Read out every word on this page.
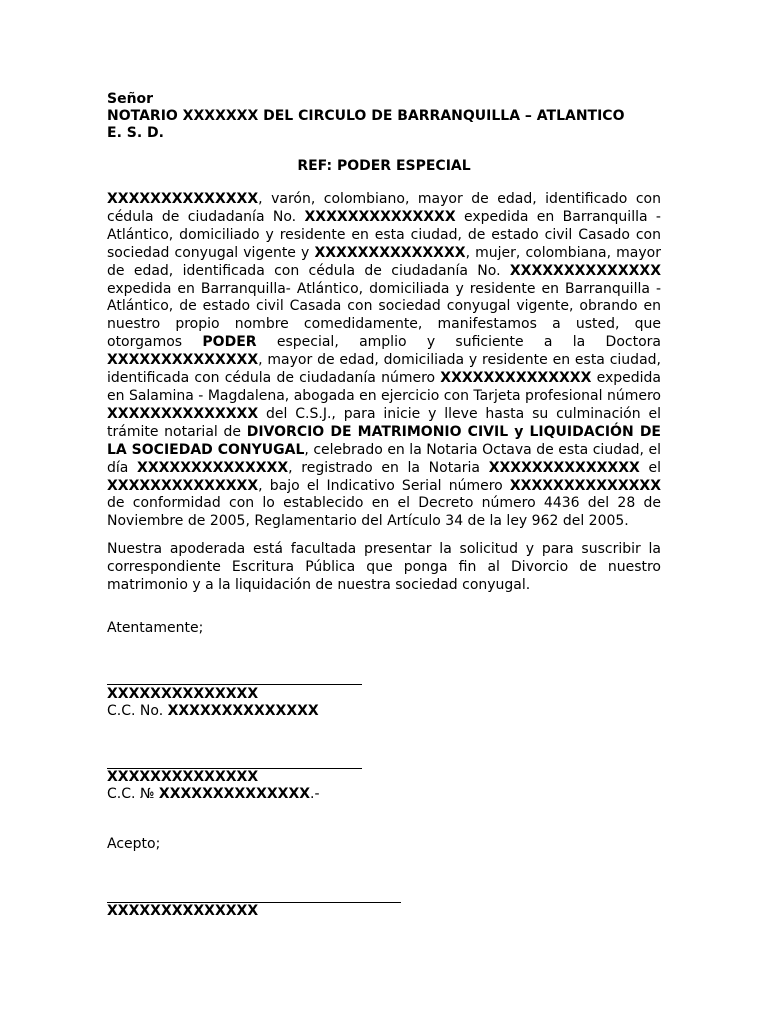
Señor

NOTARIO XXXXXXX DEL CIRCULO DE BARRANQUILLA – ATLANTICO

E. S. D.

REF: PODER ESPECIAL

XXXXXXXXXXXXXX, varón, colombiano, mayor de edad, identificado con cédula de ciudadanía No. XXXXXXXXXXXXXX expedida en Barranquilla - Atlántico, domiciliado y residente en esta ciudad, de estado civil Casado con sociedad conyugal vigente y XXXXXXXXXXXXXX, mujer, colombiana, mayor de edad, identificada con cédula de ciudadanía No. XXXXXXXXXXXXXX expedida en Barranquilla- Atlántico, domiciliada y residente en Barranquilla - Atlántico, de estado civil Casada con sociedad conyugal vigente, obrando en nuestro propio nombre comedidamente, manifestamos a usted, que otorgamos PODER especial, amplio y suficiente a la Doctora XXXXXXXXXXXXXX, mayor de edad, domiciliada y residente en esta ciudad, identificada con cédula de ciudadanía número XXXXXXXXXXXXXX expedida en Salamina - Magdalena, abogada en ejercicio con Tarjeta profesional número XXXXXXXXXXXXXX del C.S.J., para inicie y lleve hasta su culminación el trámite notarial de DIVORCIO DE MATRIMONIO CIVIL y LIQUIDACIÓN DE LA SOCIEDAD CONYUGAL, celebrado en la Notaria Octava de esta ciudad, el día XXXXXXXXXXXXXX, registrado en la Notaria XXXXXXXXXXXXXX el XXXXXXXXXXXXXX, bajo el Indicativo Serial número XXXXXXXXXXXXXX de conformidad con lo establecido en el Decreto número 4436 del 28 de Noviembre de 2005, Reglamentario del Artículo 34 de la ley 962 del 2005.

Nuestra apoderada está facultada presentar la solicitud y para suscribir la correspondiente Escritura Pública que ponga fin al Divorcio de nuestro matrimonio y a la liquidación de nuestra sociedad conyugal.

Atentamente;

XXXXXXXXXXXXXX

C.C. No. XXXXXXXXXXXXXX

XXXXXXXXXXXXXX

C.C. № XXXXXXXXXXXXXX.-

Acepto;

XXXXXXXXXXXXXX
